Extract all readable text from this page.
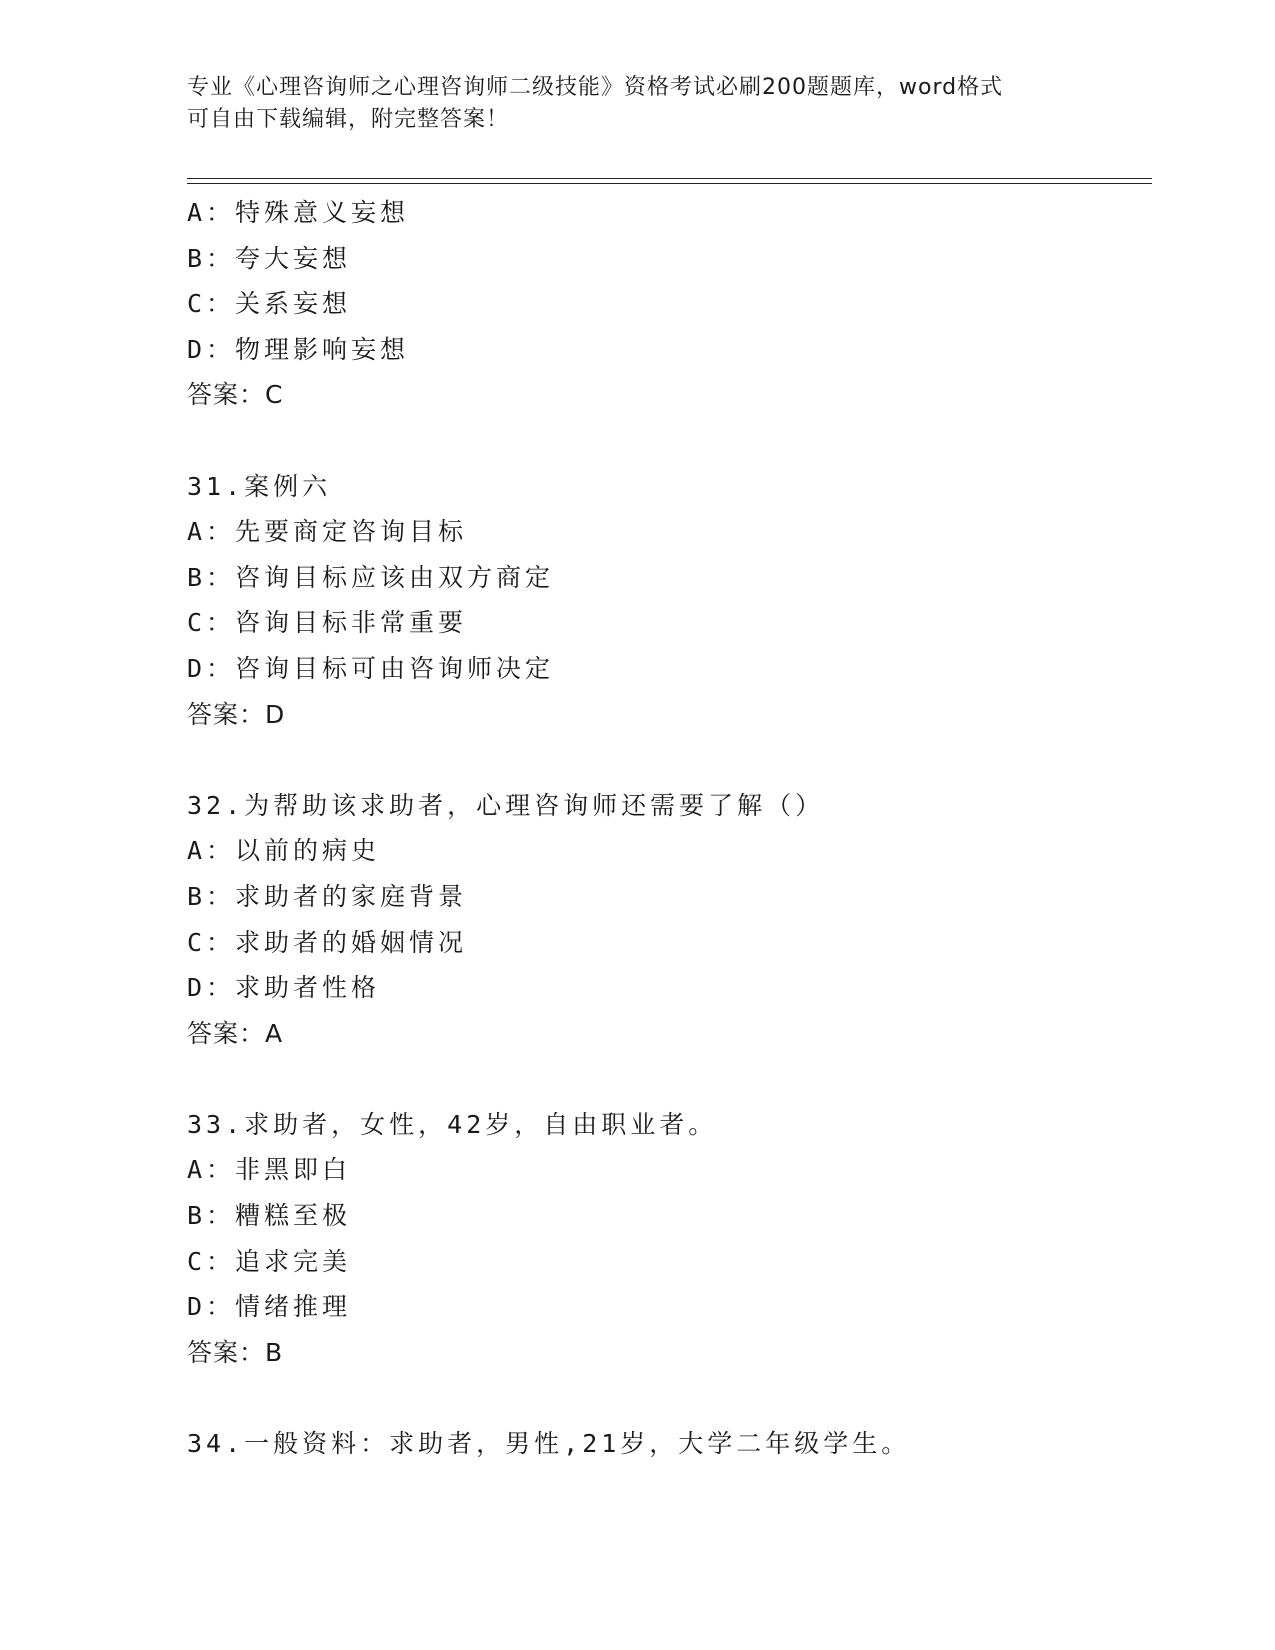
专业《心理咨询师之心理咨询师二级技能》资格考试必刷200题题库，word格式
可自由下载编辑，附完整答案！
A：特殊意义妄想
B：夸大妄想
C：关系妄想
D：物理影响妄想
答案：C
31.案例六
A：先要商定咨询目标
B：咨询目标应该由双方商定
C：咨询目标非常重要
D：咨询目标可由咨询师决定
答案：D
32.为帮助该求助者，心理咨询师还需要了解（）
A：以前的病史
B：求助者的家庭背景
C：求助者的婚姻情况
D：求助者性格
答案：A
33.求助者，女性，42岁，自由职业者。
A：非黑即白
B：糟糕至极
C：追求完美
D：情绪推理
答案：B
34.一般资料：求助者，男性,21岁，大学二年级学生。
